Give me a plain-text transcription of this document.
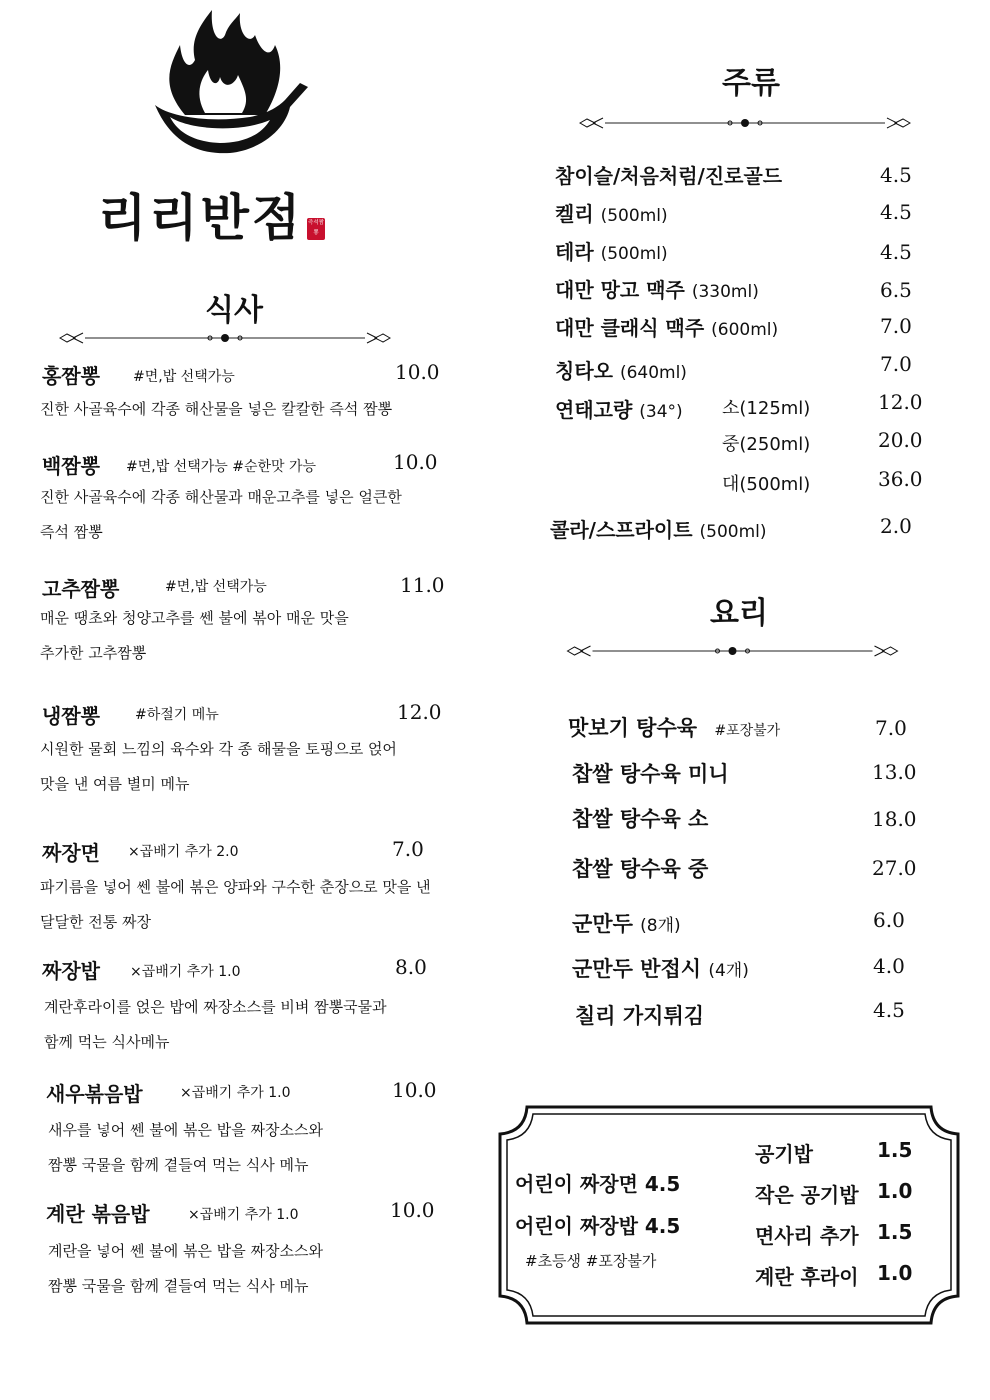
리리반점 즉석짬뽕
식사
홍짬뽕 #면,밥 선택가능	10.0
진한 사골육수에 각종 해산물을 넣은 칼칼한 즉석 짬뽕
백짬뽕 #면,밥 선택가능 #순한맛 가능	10.0
진한 사골육수에 각종 해산물과 매운고추를 넣은 얼큰한
즉석 짬뽕
고추짬뽕	#면,밥 선택가능	11.0
매운 땡초와 청양고추를 쎈 불에 볶아 매운 맛을
추가한 고추짬뽕
냉짬뽕	#하절기 메뉴	12.0
시원한 물회 느낌의 육수와 각 종 해물을 토핑으로 얹어
맛을 낸 여름 별미 메뉴
짜장면 ×곱배기 추가 2.0	7.0
파기름을 넣어 쎈 불에 볶은 양파와 구수한 춘장으로 맛을 낸
달달한 전통 짜장
짜장밥 ×곱배기 추가 1.0	8.0
계란후라이를 얹은 밥에 짜장소스를 비벼 짬뽕국물과
함께 먹는 식사메뉴
새우볶음밥	×곱배기 추가 1.0	10.0
새우를 넣어 쎈 불에 볶은 밥을 짜장소스와
짬뽕 국물을 함께 곁들여 먹는 식사 메뉴
계란 볶음밥	×곱배기 추가 1.0	10.0
계란을 넣어 쎈 불에 볶은 밥을 짜장소스와
짬뽕 국물을 함께 곁들여 먹는 식사 메뉴
주류
참이슬/처음처럼/진로골드	4.5
켈리 (500ml)	4.5
테라 (500ml)	4.5
대만 망고 맥주 (330ml)	6.5
대만 클래식 맥주 (600ml)	7.0
칭타오 (640ml)	7.0
연태고량 (34°) 소(125ml)	12.0
중(250ml)	20.0
대(500ml)	36.0
콜라/스프라이트 (500ml)	2.0
요리
맛보기 탕수육 #포장불가	7.0
찹쌀 탕수육 미니	13.0
찹쌀 탕수육 소	18.0
찹쌀 탕수육 중	27.0
군만두 (8개)	6.0
군만두 반접시 (4개)	4.0
칠리 가지튀김	4.5
어린이 짜장면 4.5
어린이 짜장밥 4.5
#초등생 #포장불가
공기밥	1.5
작은 공기밥 1.0
면사리 추가 1.5
계란 후라이 1.0
